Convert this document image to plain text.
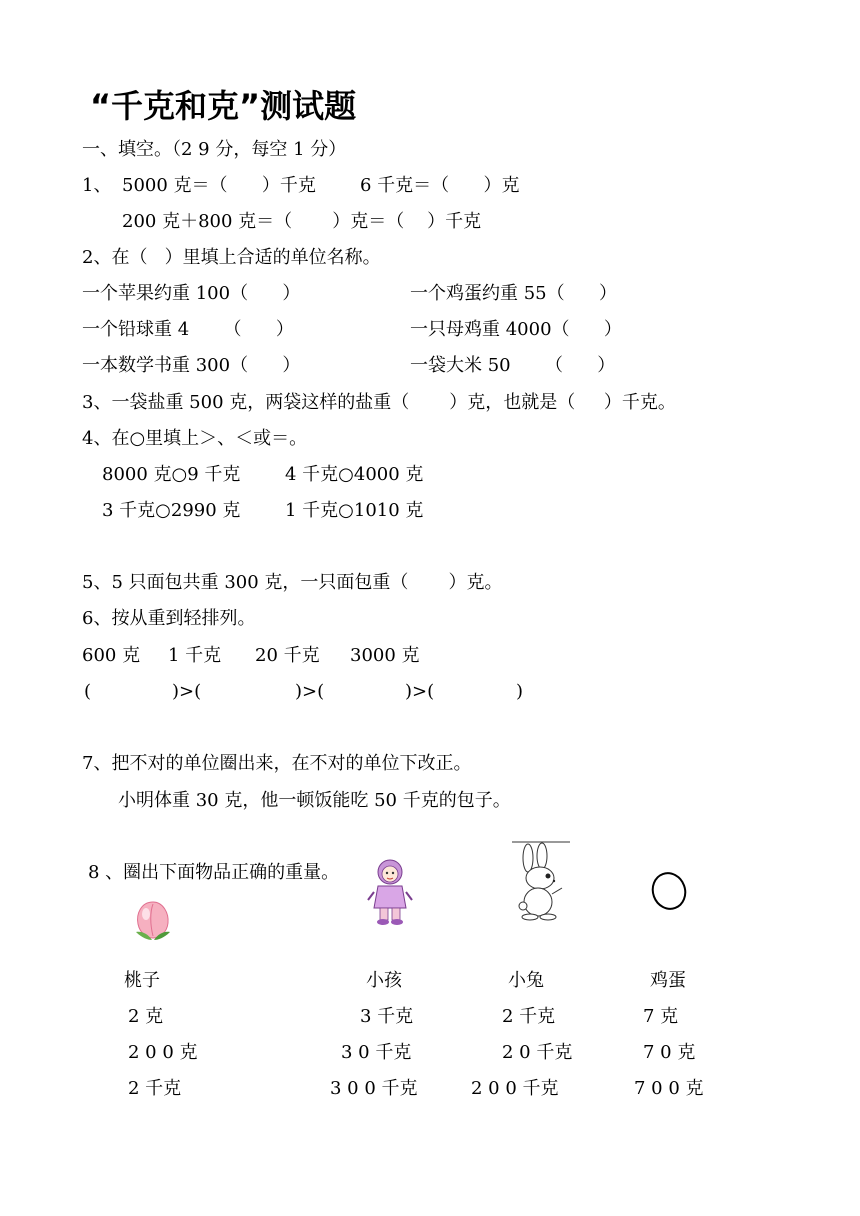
“千克和克”测试题
一、填空。（2 9 分，每空 1 分）
1、 5000 克＝（      ）千克 6 千克＝（      ）克
200 克＋800 克＝（       ）克＝（    ）千克
2、在（   ）里填上合适的单位名称。
一个苹果约重 100（      ）	一个鸡蛋约重 55（      ）
一个铅球重 4      （      ）	一只母鸡重 4000（      ）
一本数学书重 300（      ）	一袋大米 50      （      ）
3、一袋盐重 500 克，两袋这样的盐重（       ）克，也就是（     ）千克。
4、在○里填上＞、＜或＝。
8000 克○9 千克 4 千克○4000 克
3 千克○2990 克 1 千克○1010 克
5、5 只面包共重 300 克，一只面包重（       ）克。
6、按从重到轻排列。
600 克 1 千克 20 千克 3000 克
(	)>(	)>(	)>(	)
7、把不对的单位圈出来，在不对的单位下改正。
小明体重 30 克，他一顿饭能吃 50 千克的包子。
8 、圈出下面物品正确的重量。
桃子	小孩	小兔	鸡蛋
2 克	3 千克	2 千克	7 克
2 0 0 克	3 0 千克	2 0 千克	7 0 克
2 千克	3 0 0 千克	2 0 0 千克	7 0 0 克
